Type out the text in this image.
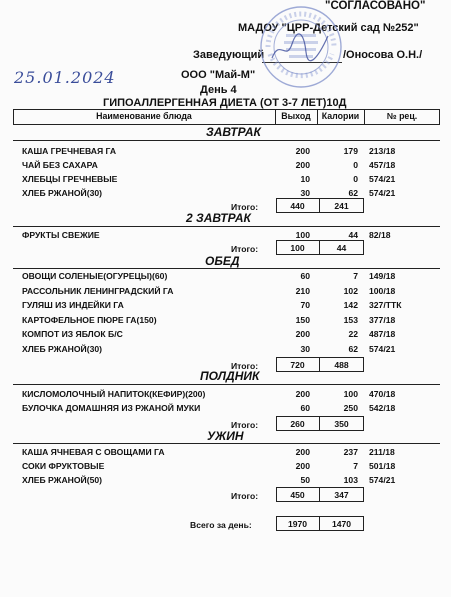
"СОГЛАСОВАНО"
МАДОУ "ЦРР-Детский сад №252"
Заведующий	/Оносова О.Н./
25.01.2024	ООО "Май-М"
День 4
ГИПОАЛЛЕРГЕННАЯ ДИЕТА (ОТ 3-7 ЛЕТ)10Д
Наименование блюда	Выход	Калории	№ рец.
ЗАВТРАК
КАША ГРЕЧНЕВАЯ ГА	200	179 213/18
ЧАЙ БЕЗ САХАРА	200	0 457/18
ХЛЕБЦЫ ГРЕЧНЕВЫЕ	10	0 574/21
ХЛЕБ РЖАНОЙ(30)	30	62 574/21
Итого:	440	241
2 ЗАВТРАК
ФРУКТЫ СВЕЖИЕ	100	44 82/18
Итого:	100	44
ОБЕД
ОВОЩИ СОЛЕНЫЕ(ОГУРЕЦЫ)(60)	60	7 149/18
РАССОЛЬНИК ЛЕНИНГРАДСКИЙ ГА	210	102 100/18
ГУЛЯШ ИЗ ИНДЕЙКИ ГА	70	142 327/ТТК
КАРТОФЕЛЬНОЕ ПЮРЕ ГА(150)	150	153 377/18
КОМПОТ ИЗ ЯБЛОК Б/С	200	22 487/18
ХЛЕБ РЖАНОЙ(30)	30	62 574/21
Итого:	720	488
ПОЛДНИК
КИСЛОМОЛОЧНЫЙ НАПИТОК(КЕФИР)(200)	200	100 470/18
БУЛОЧКА ДОМАШНЯЯ ИЗ РЖАНОЙ МУКИ	60	250 542/18
Итого:	260	350
УЖИН
КАША ЯЧНЕВАЯ С ОВОЩАМИ ГА	200	237 211/18
СОКИ ФРУКТОВЫЕ	200	7 501/18
ХЛЕБ РЖАНОЙ(50)	50	103 574/21
Итого:	450	347
Всего за день:	1970	1470
